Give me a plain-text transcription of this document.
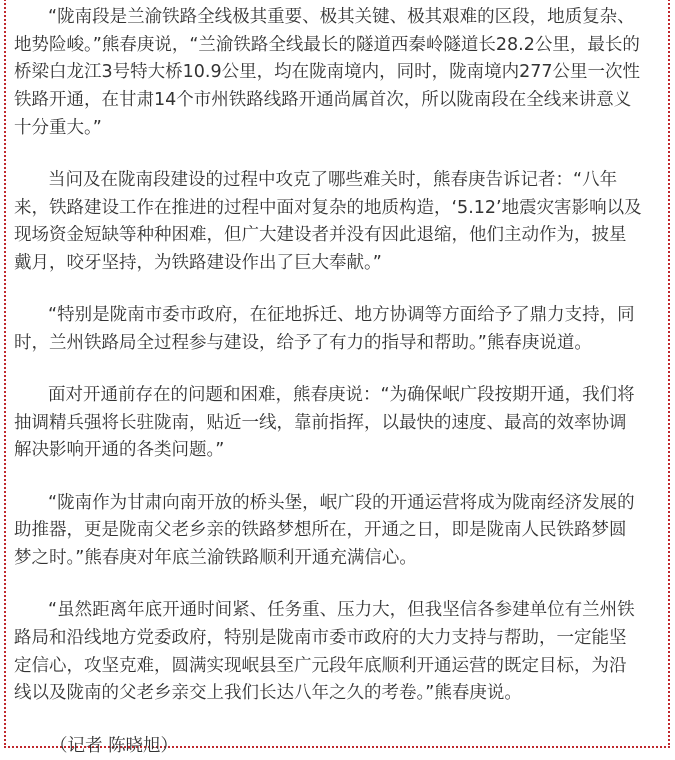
“陇南段是兰渝铁路全线极其重要、极其关键、极其艰难的区段，地质复杂、
地势险峻。”熊春庚说，“兰渝铁路全线最长的隧道西秦岭隧道长28.2公里，最长的
桥梁白龙江3号特大桥10.9公里，均在陇南境内，同时，陇南境内277公里一次性
铁路开通，在甘肃14个市州铁路线路开通尚属首次，所以陇南段在全线来讲意义
十分重大。”
当问及在陇南段建设的过程中攻克了哪些难关时，熊春庚告诉记者：“八年
来，铁路建设工作在推进的过程中面对复杂的地质构造，‘5.12’地震灾害影响以及
现场资金短缺等种种困难，但广大建设者并没有因此退缩，他们主动作为，披星
戴月，咬牙坚持，为铁路建设作出了巨大奉献。”
“特别是陇南市委市政府，在征地拆迁、地方协调等方面给予了鼎力支持，同
时，兰州铁路局全过程参与建设，给予了有力的指导和帮助。”熊春庚说道。
面对开通前存在的问题和困难，熊春庚说：“为确保岷广段按期开通，我们将
抽调精兵强将长驻陇南，贴近一线，靠前指挥，以最快的速度、最高的效率协调
解决影响开通的各类问题。”
“陇南作为甘肃向南开放的桥头堡，岷广段的开通运营将成为陇南经济发展的
助推器，更是陇南父老乡亲的铁路梦想所在，开通之日，即是陇南人民铁路梦圆
梦之时。”熊春庚对年底兰渝铁路顺利开通充满信心。
“虽然距离年底开通时间紧、任务重、压力大，但我坚信各参建单位有兰州铁
路局和沿线地方党委政府，特别是陇南市委市政府的大力支持与帮助，一定能坚
定信心，攻坚克难，圆满实现岷县至广元段年底顺利开通运营的既定目标，为沿
线以及陇南的父老乡亲交上我们长达八年之久的考卷。”熊春庚说。
（记者 陈晓旭）
